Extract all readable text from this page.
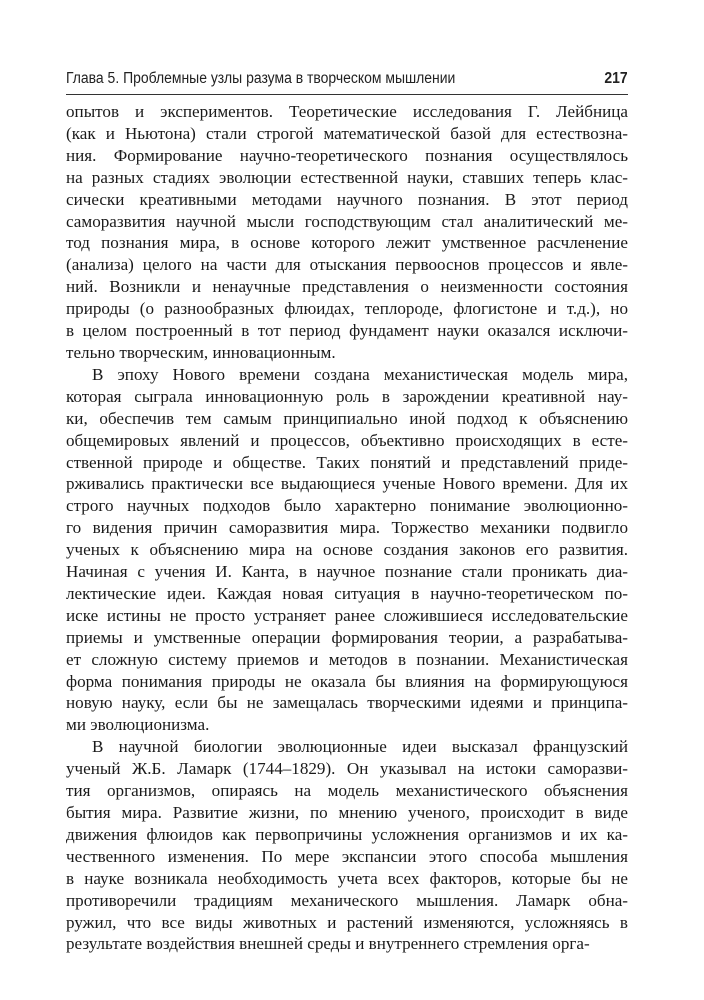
Глава 5. Проблемные узлы разума в творческом мышлении	217

опытов и экспериментов. Теоретические исследования Г. Лейбница
(как и Ньютона) стали строгой математической базой для естествозна-
ния. Формирование научно-теоретического познания осуществлялось
на разных стадиях эволюции естественной науки, ставших теперь клас-
сически креативными методами научного познания. В этот период
саморазвития научной мысли господствующим стал аналитический ме-
тод познания мира, в основе которого лежит умственное расчленение
(анализа) целого на части для отыскания первооснов процессов и явле-
ний. Возникли и ненаучные представления о неизменности состояния
природы (о разнообразных флюидах, теплороде, флогистоне и т.д.), но
в целом построенный в тот период фундамент науки оказался исключи-
тельно творческим, инновационным.

В эпоху Нового времени создана механистическая модель мира,
которая сыграла инновационную роль в зарождении креативной нау-
ки, обеспечив тем самым принципиально иной подход к объяснению
общемировых явлений и процессов, объективно происходящих в есте-
ственной природе и обществе. Таких понятий и представлений приде-
рживались практически все выдающиеся ученые Нового времени. Для их
строго научных подходов было характерно понимание эволюционно-
го видения причин саморазвития мира. Торжество механики подвигло
ученых к объяснению мира на основе создания законов его развития.
Начиная с учения И. Канта, в научное познание стали проникать диа-
лектические идеи. Каждая новая ситуация в научно-теоретическом по-
иске истины не просто устраняет ранее сложившиеся исследовательские
приемы и умственные операции формирования теории, а разрабатыва-
ет сложную систему приемов и методов в познании. Механистическая
форма понимания природы не оказала бы влияния на формирующуюся
новую науку, если бы не замещалась творческими идеями и принципа-
ми эволюционизма.

В научной биологии эволюционные идеи высказал французский
ученый Ж.Б. Ламарк (1744–1829). Он указывал на истоки саморазви-
тия организмов, опираясь на модель механистического объяснения
бытия мира. Развитие жизни, по мнению ученого, происходит в виде
движения флюидов как первопричины усложнения организмов и их ка-
чественного изменения. По мере экспансии этого способа мышления
в науке возникала необходимость учета всех факторов, которые бы не
противоречили традициям механического мышления. Ламарк обна-
ружил, что все виды животных и растений изменяются, усложняясь в
результате воздействия внешней среды и внутреннего стремления орга-
